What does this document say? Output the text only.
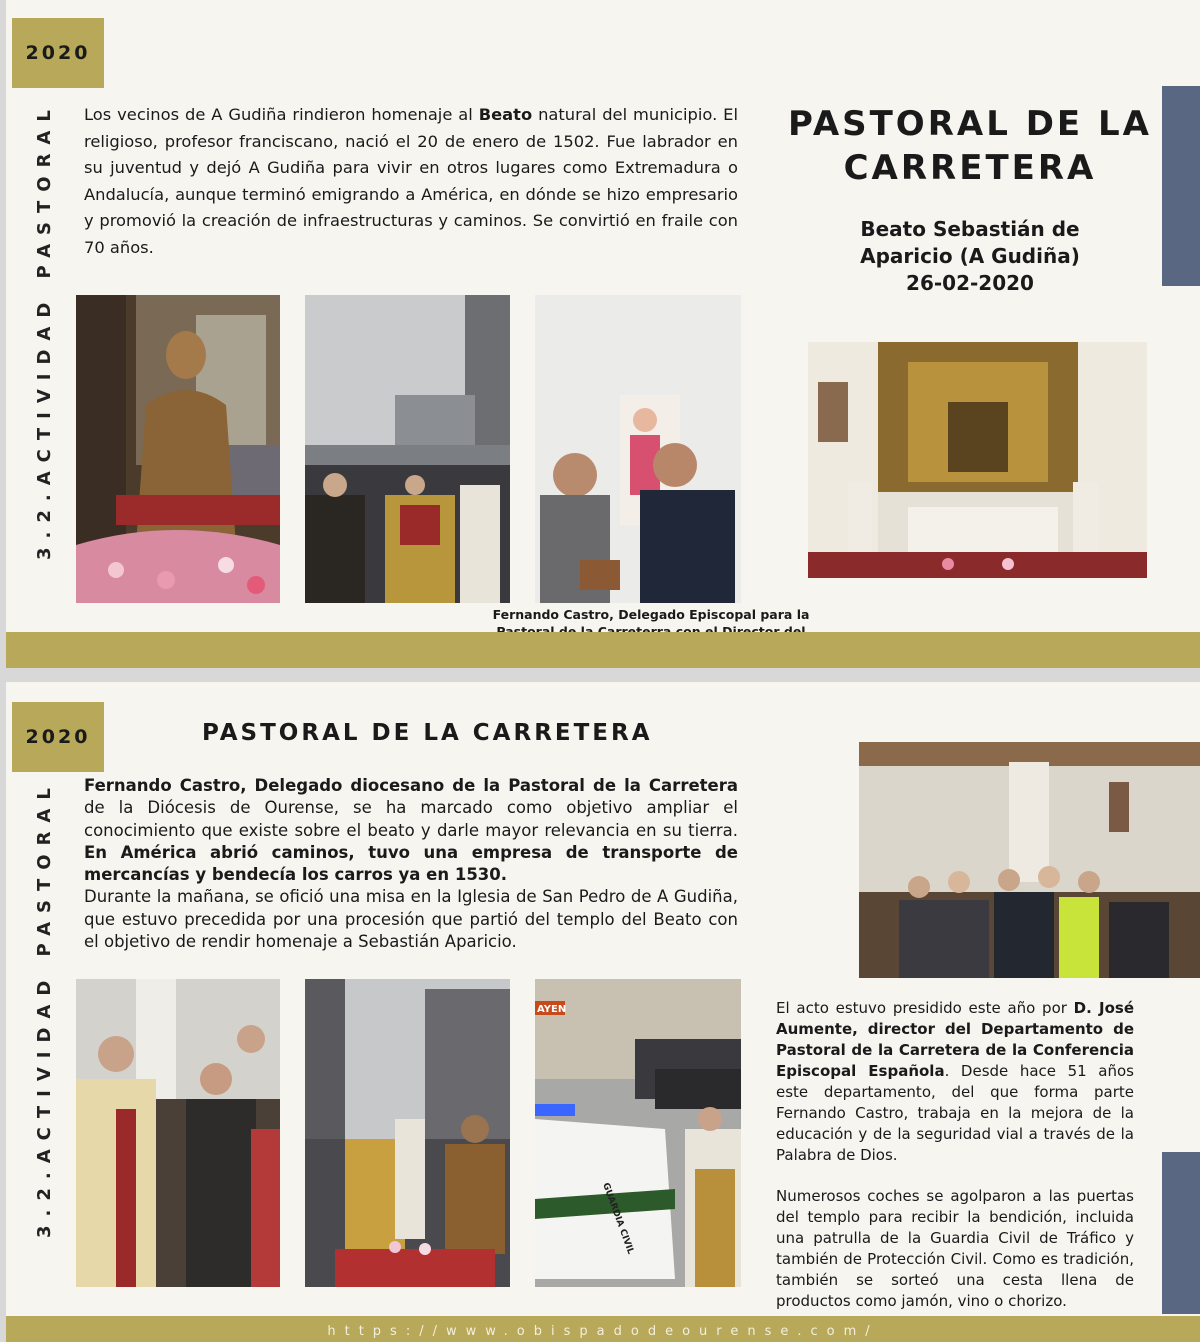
2020
3.2.ACTIVIDAD PASTORAL Los vecinos de A Gudiña rindieron homenaje al Beato natural del municipio. El religioso, profesor franciscano, nació el 20 de enero de 1502. Fue labrador en su juventud y dejó A Gudiña para vivir en otros lugares como Extremadura o Andalucía, aunque terminó emigrando a América, en dónde se hizo empresario y promovió la creación de infraestructuras y caminos. Se convirtió en fraile con 70 años.

PASTORAL DE LA CARRETERA
Beato Sebastián de
Aparicio (A Gudiña)
26-02-2020
Fernando Castro, Delegado Episcopal para la
2020
3.2.ACTIVIDAD PASTORAL
PASTORAL DE LA CARRETERA

Fernando Castro, Delegado diocesano de la Pastoral de la Carretera de la Diócesis de Ourense, se ha marcado como objetivo ampliar el conocimiento que existe sobre el beato y darle mayor relevancia en su tierra. En América abrió caminos, tuvo una empresa de transporte de mercancías y bendecía los carros ya en 1530.
Durante la mañana, se ofició una misa en la Iglesia de San Pedro de A Gudiña, que estuvo precedida por una procesión que partió del templo del Beato con el objetivo de rendir homenaje a Sebastián Aparicio.

AYEN
GUARDIA CIVIL

El acto estuvo presidido este año por D. José Aumente, director del Departamento de Pastoral de la Carretera de la Conferencia Episcopal Española. Desde hace 51 años este departamento, del que forma parte Fernando Castro, trabaja en la mejora de la educación y de la seguridad vial a través de la Palabra de Dios.

Numerosos coches se agolparon a las puertas del templo para recibir la bendición, incluida una patrulla de la Guardia Civil de Tráfico y también de Protección Civil. Como es tradición, también se sorteó una cesta llena de productos como jamón, vino o chorizo.

https://www.obispadodeourense.com/
